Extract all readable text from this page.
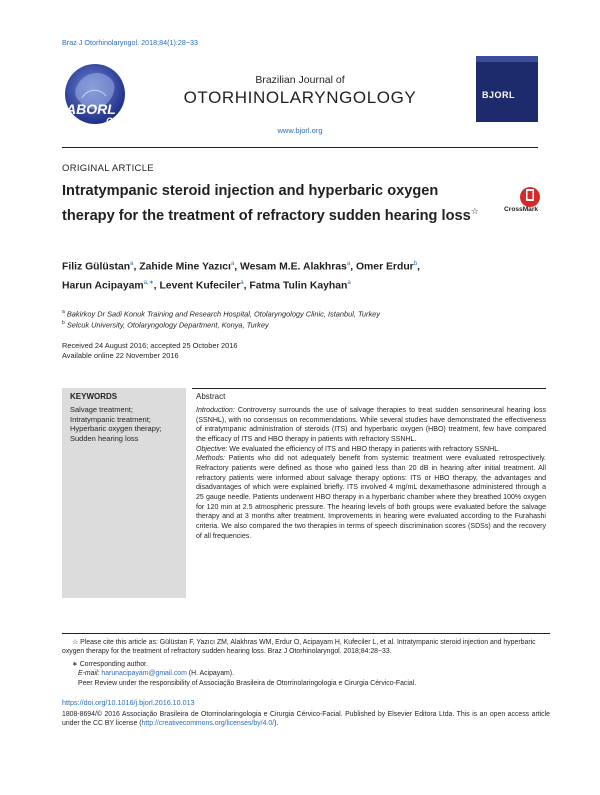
Braz J Otorhinolaryngol. 2018;84(1):28−33
ABORL
CCF
Brazilian Journal of
OTORHINOLARYNGOLOGY
www.bjorl.org
BJORL
ORIGINAL ARTICLE
Intratympanic steroid injection and hyperbaric oxygen therapy for the treatment of refractory sudden hearing loss☆	CrossMark
Filiz Gülüstan$^a$, Zahide Mine Yazıcı$^a$, Wesam M.E. Alakhras$^a$, Omer Erdur$^b$,
Harun Acipayam$^{a,∗}$, Levent Kufeciler$^a$, Fatma Tulin Kayhan$^a$
$^a$ Bakirkoy Dr Sadi Konuk Training and Research Hospital, Otolaryngology Clinic, Istanbul, Turkey
$^b$ Selcuk University, Otolaryngology Department, Konya, Turkey
Received 24 August 2016; accepted 25 October 2016
Available online 22 November 2016
KEYWORDS
Salvage treatment;
Intratympanic treatment;
Hyperbaric oxygen therapy;
Sudden hearing loss
Abstract

Introduction: Controversy surrounds the use of salvage therapies to treat sudden sensorineural hearing loss (SSNHL), with no consensus on recommendations. While several studies have demonstrated the effectiveness of intratympanic administration of steroids (ITS) and hyperbaric oxygen (HBO) treatment, few have compared the efficacy of ITS and HBO therapy in patients with refractory SSNHL.

Objective: We evaluated the efficiency of ITS and HBO therapy in patients with refractory SSNHL.

Methods: Patients who did not adequately benefit from systemic treatment were evaluated retrospectively. Refractory patients were defined as those who gained less than 20 dB in hearing after initial treatment. All refractory patients were informed about salvage therapy options: ITS or HBO therapy, the advantages and disadvantages of which were explained briefly. ITS involved 4 mg/mL dexamethasone administered through a 25 gauge needle. Patients underwent HBO therapy in a hyperbaric chamber where they breathed 100% oxygen for 120 min at 2.5 atmospheric pressure. The hearing levels of both groups were evaluated before the salvage therapy and at 3 months after treatment. Improvements in hearing were evaluated according to the Furahashi criteria. We also compared the two therapies in terms of speech discrimination scores (SDSs) and the recovery of all frequencies.

☆ Please cite this article as: Gülüstan F, Yazıcı ZM, Alakhras WM, Erdur O, Acipayam H, Kufeciler L, et al. Intratympanic steroid injection and hyperbaric oxygen therapy for the treatment of refractory sudden hearing loss. Braz J Otorhinolaryngol. 2018;84:28−33.
∗ Corresponding author.
E-mail: harunacipayam@gmail.com (H. Acipayam).
Peer Review under the responsibility of Associação Brasileira de Otorrinolaringologia e Cirurgia Cérvico-Facial.
https://doi.org/10.1016/j.bjorl.2016.10.013
1808-8694/© 2016 Associação Brasileira de Otorrinolaringologia e Cirurgia Cérvico-Facial. Published by Elsevier Editora Ltda. This is an open access article under the CC BY license (http://creativecommons.org/licenses/by/4.0/).
